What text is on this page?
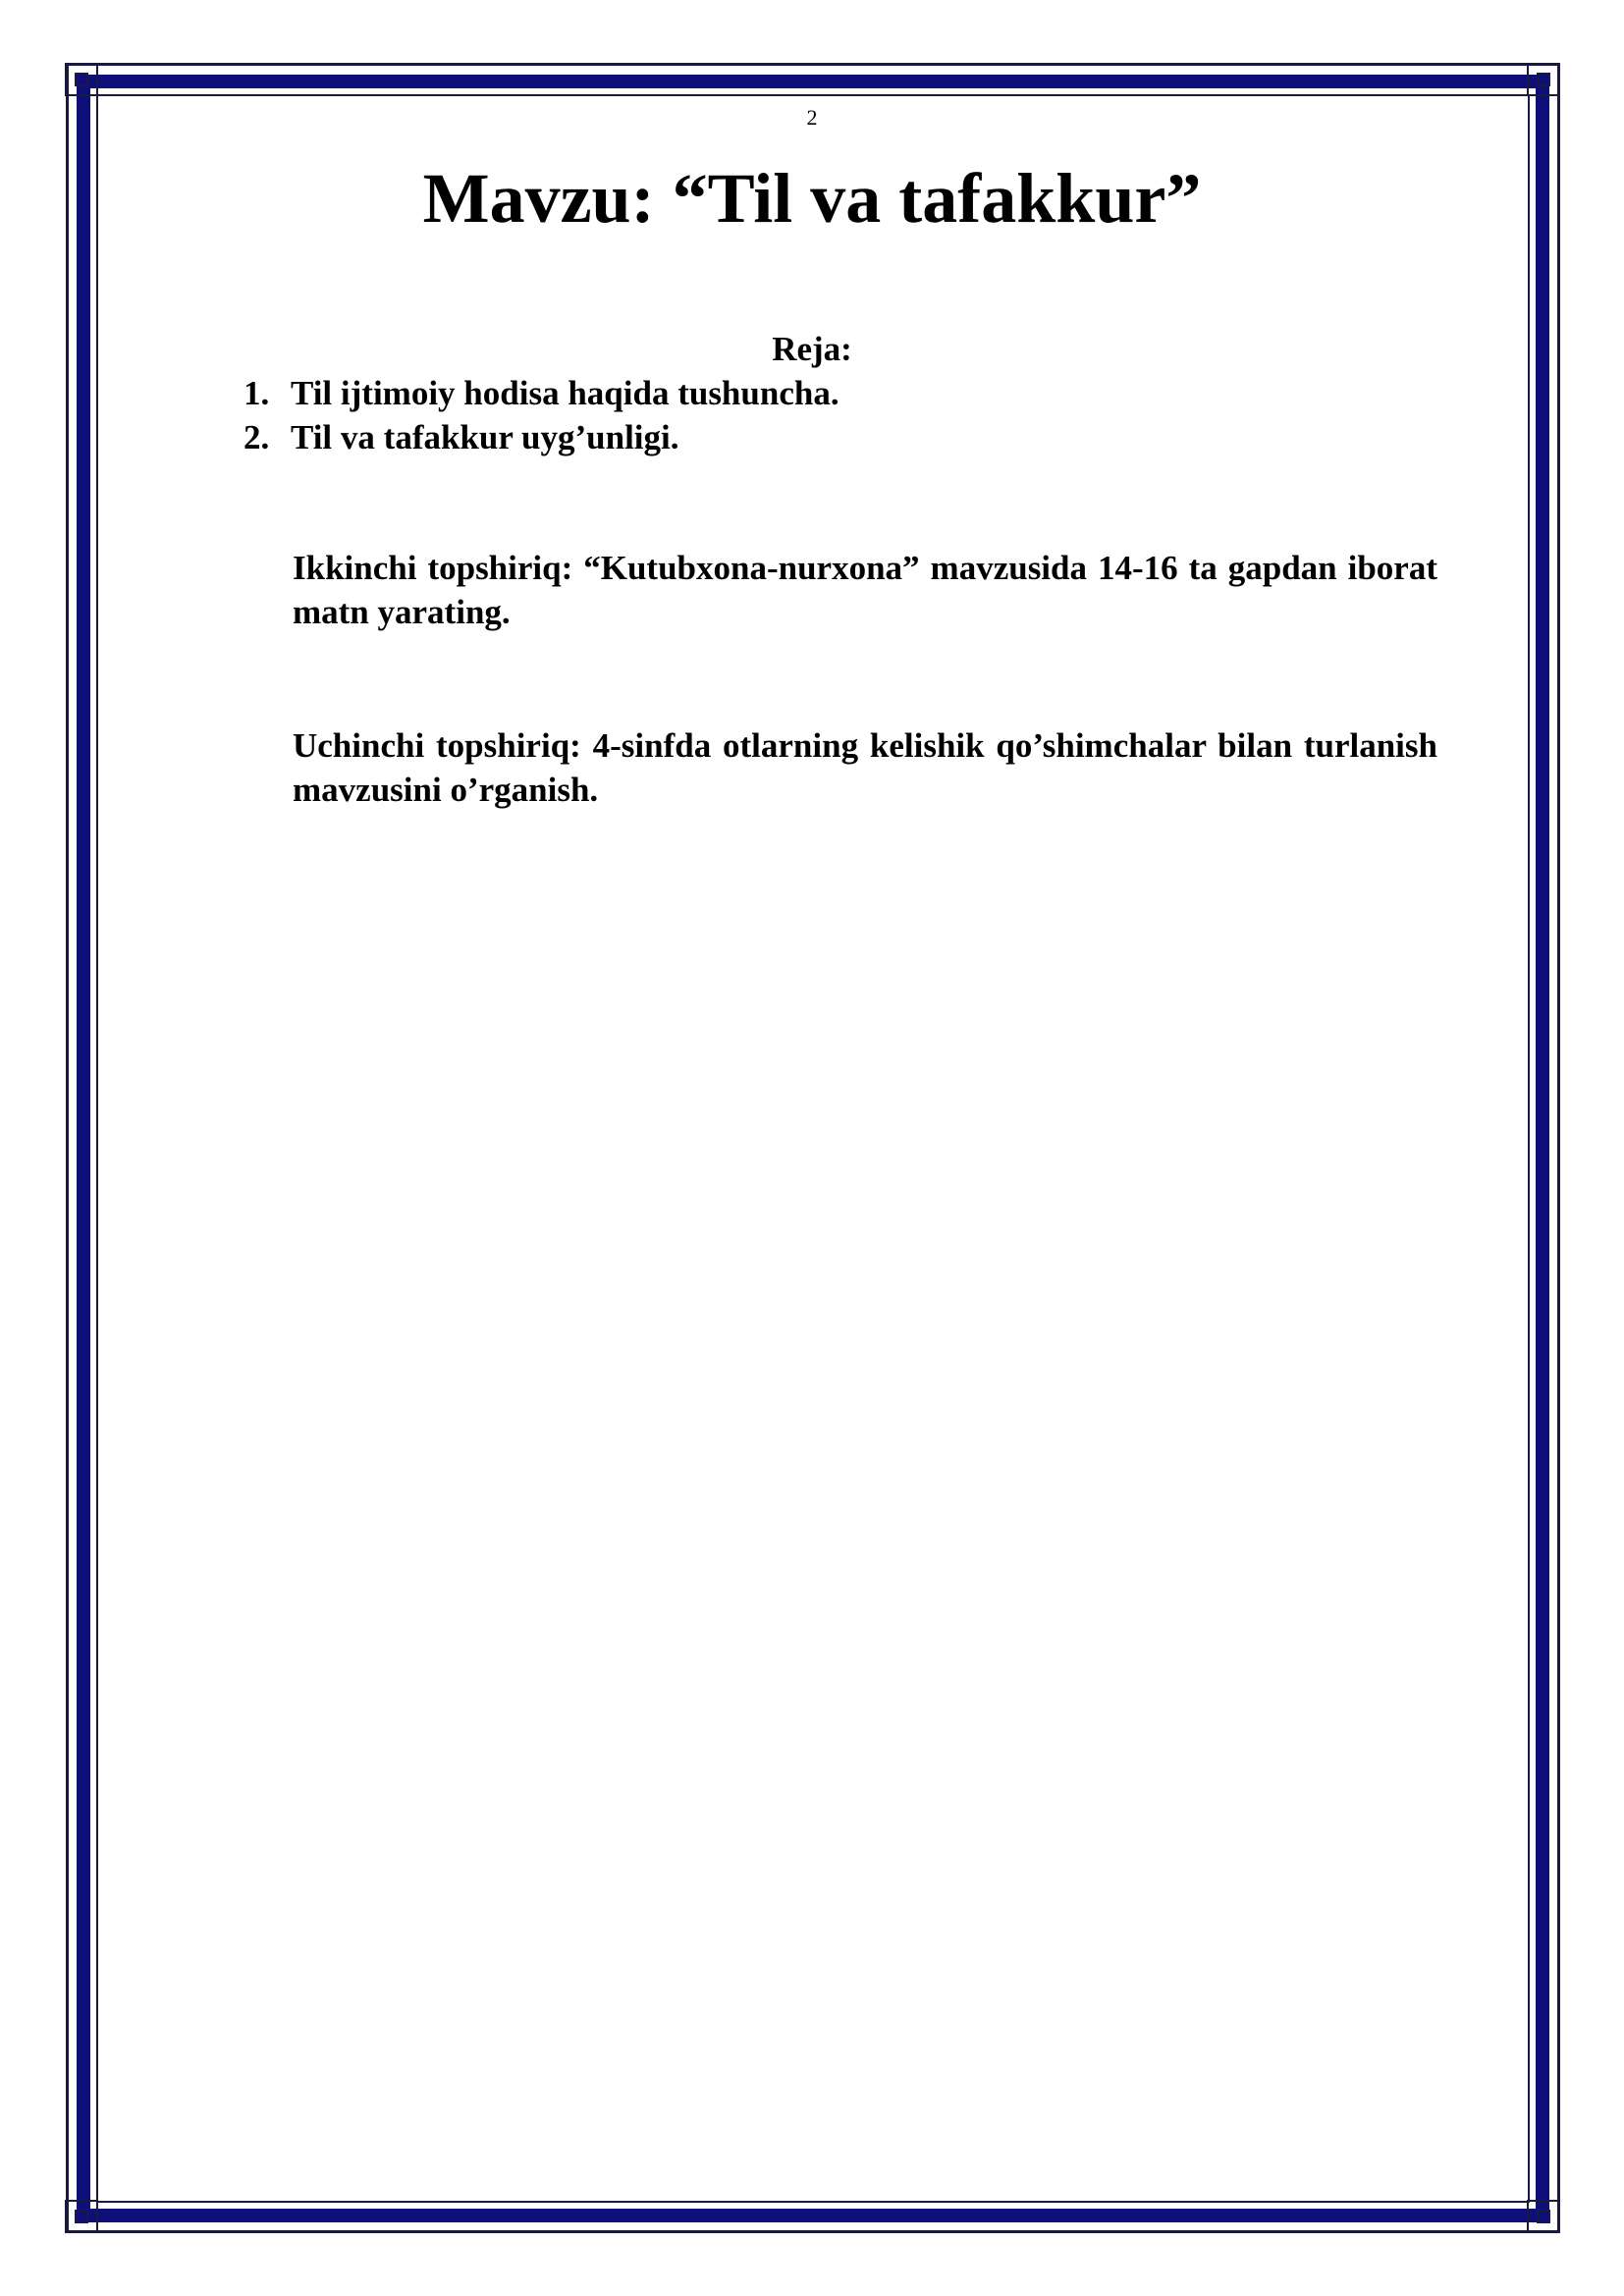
2
Mavzu: “Til va tafakkur”
Reja:
1. Til ijtimoiy hodisa haqida tushuncha.
2. Til va tafakkur uyg’unligi.

Ikkinchi topshiriq: “Kutubxona-nurxona” mavzusida 14-16 ta gapdan iborat matn yarating.

Uchinchi topshiriq: 4-sinfda otlarning kelishik qo’shimchalar bilan turlanish mavzusini o’rganish.
